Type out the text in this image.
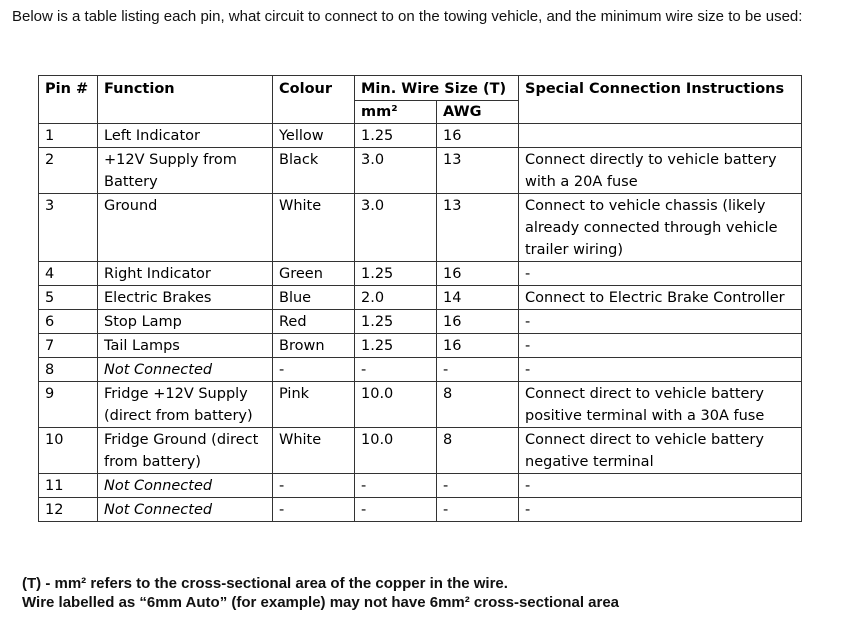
Below is a table listing each pin, what circuit to connect to on the towing vehicle, and the minimum wire size to be used:
Pin #	Function	Colour	Min. Wire Size (T)		Special Connection Instructions
			mm²	AWG	
1	Left Indicator	Yellow	1.25	16	
2	+12V Supply from Battery	Black	3.0	13	Connect directly to vehicle battery with a 20A fuse
3	Ground	White	3.0	13	Connect to vehicle chassis (likely already connected through vehicle trailer wiring)
4	Right Indicator	Green	1.25	16	-
5	Electric Brakes	Blue	2.0	14	Connect to Electric Brake Controller
6	Stop Lamp	Red	1.25	16	-
7	Tail Lamps	Brown	1.25	16	-
8	Not Connected	-	-	-	-
9	Fridge +12V Supply (direct from battery)	Pink	10.0	8	Connect direct to vehicle battery positive terminal with a 30A fuse
10	Fridge Ground (direct from battery)	White	10.0	8	Connect direct to vehicle battery negative terminal
11	Not Connected	-	-	-	-
12	Not Connected	-	-	-	-
(T) - mm² refers to the cross-sectional area of the copper in the wire.
Wire labelled as “6mm Auto” (for example) may not have 6mm² cross-sectional area
